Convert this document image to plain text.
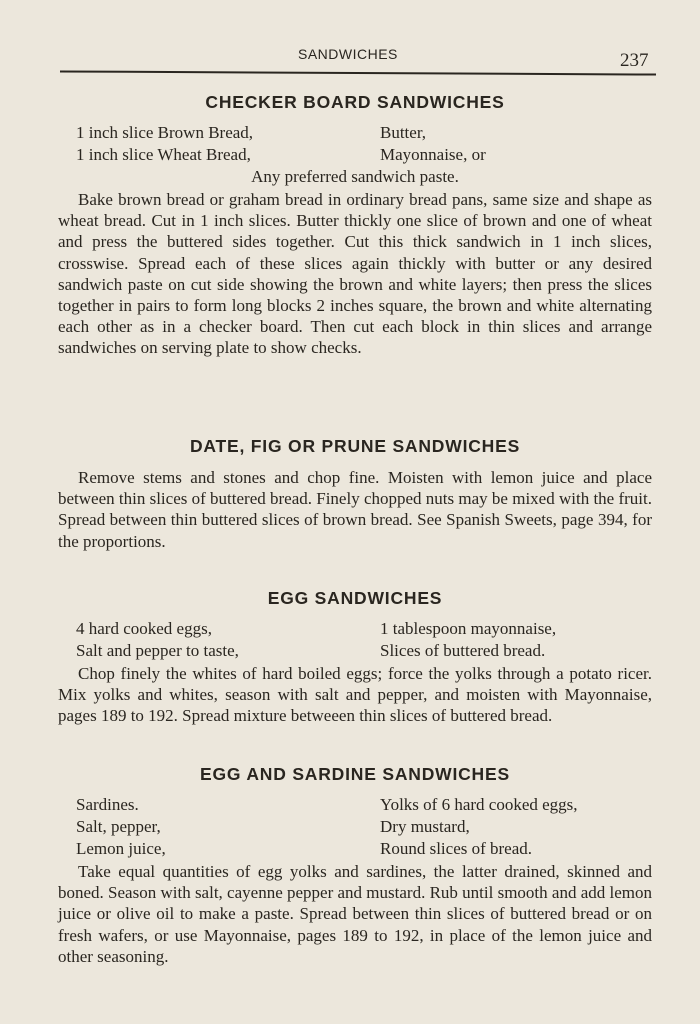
SANDWICHES	237
CHECKER BOARD SANDWICHES
1 inch slice Brown Bread,	Butter,
1 inch slice Wheat Bread,	Mayonnaise, or
Any preferred sandwich paste.

Bake brown bread or graham bread in ordinary bread pans, same size and shape as wheat bread. Cut in 1 inch slices. Butter thickly one slice of brown and one of wheat and press the buttered sides together. Cut this thick sandwich in 1 inch slices, crosswise. Spread each of these slices again thickly with butter or any desired sandwich paste on cut side showing the brown and white layers; then press the slices together in pairs to form long blocks 2 inches square, the brown and white alternating each other as in a checker board. Then cut each block in thin slices and arrange sandwiches on serving plate to show checks.

DATE, FIG OR PRUNE SANDWICHES

Remove stems and stones and chop fine. Moisten with lemon juice and place between thin slices of buttered bread. Finely chopped nuts may be mixed with the fruit. Spread between thin buttered slices of brown bread. See Spanish Sweets, page 394, for the proportions.

EGG SANDWICHES
4 hard cooked eggs,	1 tablespoon mayonnaise,
Salt and pepper to taste,	Slices of buttered bread.

Chop finely the whites of hard boiled eggs; force the yolks through a potato ricer. Mix yolks and whites, season with salt and pepper, and moisten with Mayonnaise, pages 189 to 192. Spread mixture betweeen thin slices of buttered bread.

EGG AND SARDINE SANDWICHES
Sardines.	Yolks of 6 hard cooked eggs,
Salt, pepper,	Dry mustard,
Lemon juice,	Round slices of bread.

Take equal quantities of egg yolks and sardines, the latter drained, skinned and boned. Season with salt, cayenne pepper and mustard. Rub until smooth and add lemon juice or olive oil to make a paste. Spread between thin slices of buttered bread or on fresh wafers, or use Mayonnaise, pages 189 to 192, in place of the lemon juice and other seasoning.
